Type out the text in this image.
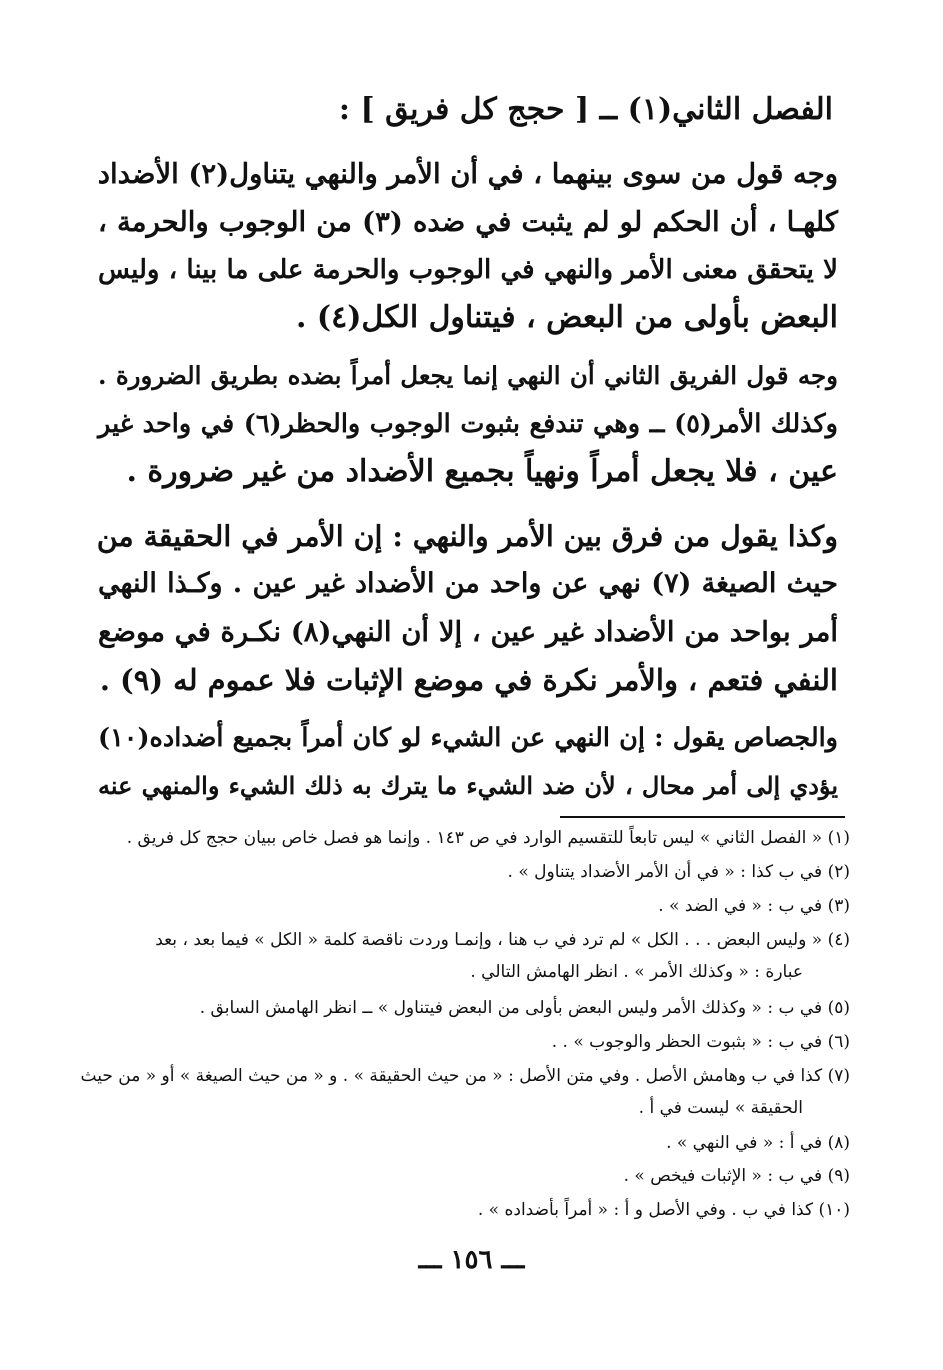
الفصل الثاني(١) ــ [ حجج كل فريق ] :
وجه قول من سوى بينهما ، في أن الأمر والنهي يتناول(٢) الأضداد
كلهـا ، أن الحكم لو لم يثبت في ضده (٣) من الوجوب والحرمة ،
لا يتحقق معنى الأمر والنهي في الوجوب والحرمة على ما بينا ، وليس
البعض بأولى من البعض ، فيتناول الكل(٤) .
وجه قول الفريق الثاني أن النهي إنما يجعل أمراً بضده بطريق الضرورة .
وكذلك الأمر(٥) ــ وهي تندفع بثبوت الوجوب والحظر(٦) في واحد غير
عين ، فلا يجعل أمراً ونهياً بجميع الأضداد من غير ضرورة .
وكذا يقول من فرق بين الأمر والنهي : إن الأمر في الحقيقة من
حيث الصيغة (٧) نهي عن واحد من الأضداد غير عين . وكـذا النهي
أمر بواحد من الأضداد غير عين ، إلا أن النهي(٨) نكـرة في موضع
النفي فتعم ، والأمر نكرة في موضع الإثبات فلا عموم له (٩) .
والجصاص يقول : إن النهي عن الشيء لو كان أمراً بجميع أضداده(١٠)
يؤدي إلى أمر محال ، لأن ضد الشيء ما يترك به ذلك الشيء والمنهي عنه
(١) « الفصل الثاني » ليس تابعاً للتقسيم الوارد في ص ١٤٣ . وإنما هو فصل خاص ببيان حجج كل فريق .
(٢) في ب كذا : « في أن الأمر الأضداد يتناول » .
(٣) في ب : « في الضد » .
(٤) « وليس البعض . . . الكل » لم ترد في ب هنا ، وإنمـا وردت ناقصة كلمة « الكل » فيما بعد ، بعد
عبارة : « وكذلك الأمر » . انظر الهامش التالي .
(٥) في ب : « وكذلك الأمر وليس البعض بأولى من البعض فيتناول » ــ انظر الهامش السابق .
(٦) في ب : « بثبوت الحظر والوجوب » . .
(٧) كذا في ب وهامش الأصل . وفي متن الأصل : « من حيث الحقيقة » . و « من حيث الصيغة » أو « من حيث
الحقيقة » ليست في أ .
(٨) في أ : « في النهي » .
(٩) في ب : « الإثبات فيخص » .
(١٠) كذا في ب . وفي الأصل و أ : « أمراً بأضداده » .
ـــ ١٥٦ ـــ
